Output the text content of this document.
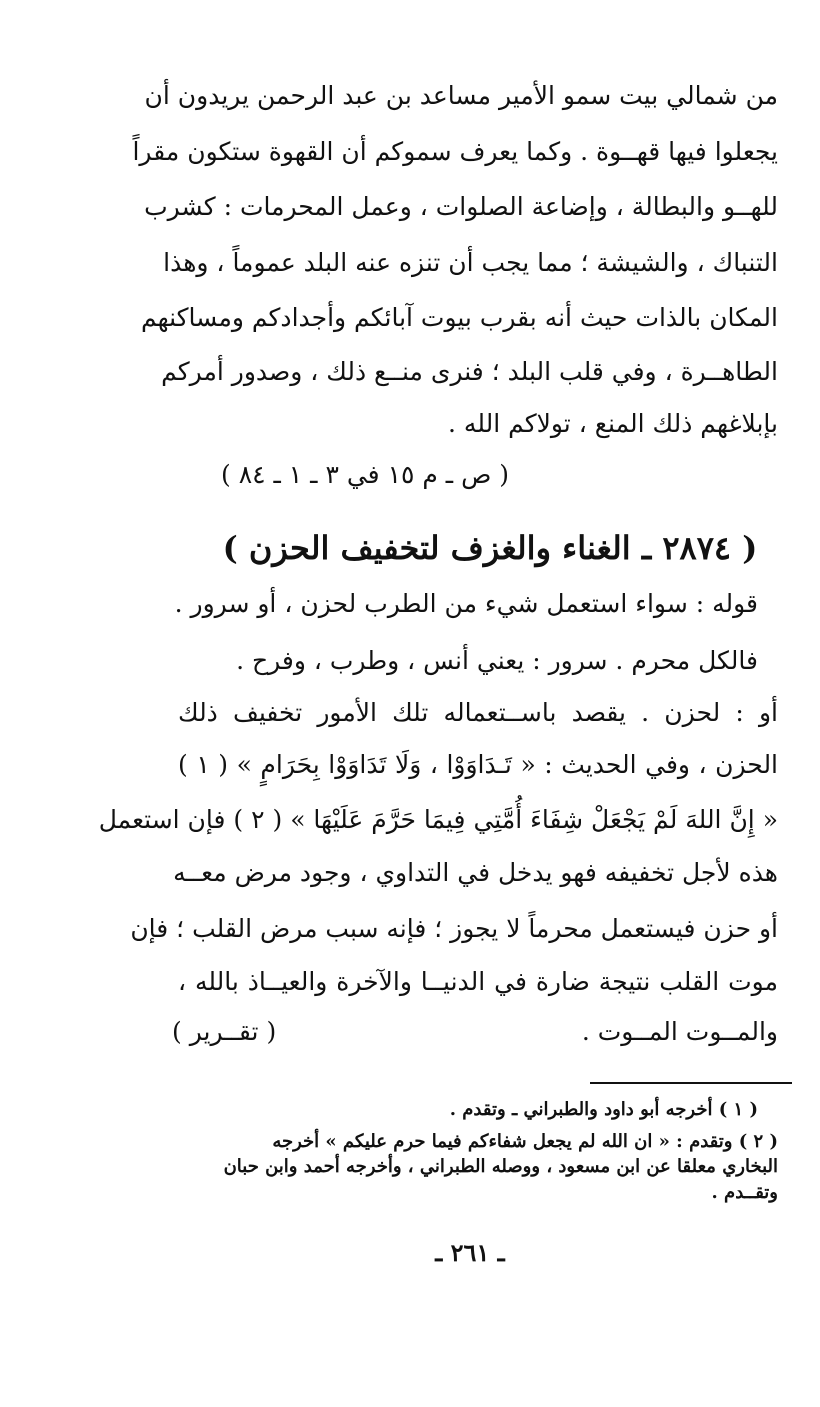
من شمالي بيت سمو الأمير مساعد بن عبد الرحمن يريدون أن
يجعلوا فيها قهــوة . وكما يعرف سموكم أن القهوة ستكون مقراً
للهــو والبطالة ، وإضاعة الصلوات ، وعمل المحرمات : كشرب
التنباك ، والشيشة ؛ مما يجب أن تنزه عنه البلد عموماً ، وهذا
المكان بالذات حيث أنه بقرب بيوت آبائكم وأجدادكم ومساكنهم
الطاهــرة ، وفي قلب البلد ؛ فنرى منــع ذلك ، وصدور أمركم
بإبلاغهم ذلك المنع ، تولاكم الله .
( ص ـ م ١٥ في ٣ ـ ١ ـ ٨٤ )
( ٢٨٧٤ ـ الغناء والغزف لتخفيف الحزن )
قوله : سواء استعمل شيء من الطرب لحزن ، أو سرور .
فالكل محرم . سرور : يعني أنس ، وطرب ، وفرح .
أو : لحزن . يقصد باســتعماله تلك الأمور تخفيف ذلك
الحزن ، وفي الحديث : « تَـدَاوَوْا ، وَلَا تَدَاوَوْا بِحَرَامٍ » ( ١ )
« إِنَّ اللهَ لَمْ يَجْعَلْ شِفَاءَ أُمَّتِي فِيمَا حَرَّمَ عَلَيْهَا » ( ٢ ) فإن استعمل
هذه لأجل تخفيفه فهو يدخل في التداوي ، وجود مرض معــه
أو حزن فيستعمل محرماً لا يجوز ؛ فإنه سبب مرض القلب ؛ فإن
موت القلب نتيجة ضارة في الدنيــا والآخرة والعيــاذ بالله ،
والمــوت المــوت .
( تقــرير )
( ١ ) أخرجه أبو داود والطبراني ـ وتقدم .
( ٢ ) وتقدم : « ان الله لم يجعل شفاءكم فيما حرم عليكم » أخرجه
البخاري معلقا عن ابن مسعود ، ووصله الطبراني ، وأخرجه أحمد وابن حبان
وتقــدم .
ـ ٢٦١ ـ
